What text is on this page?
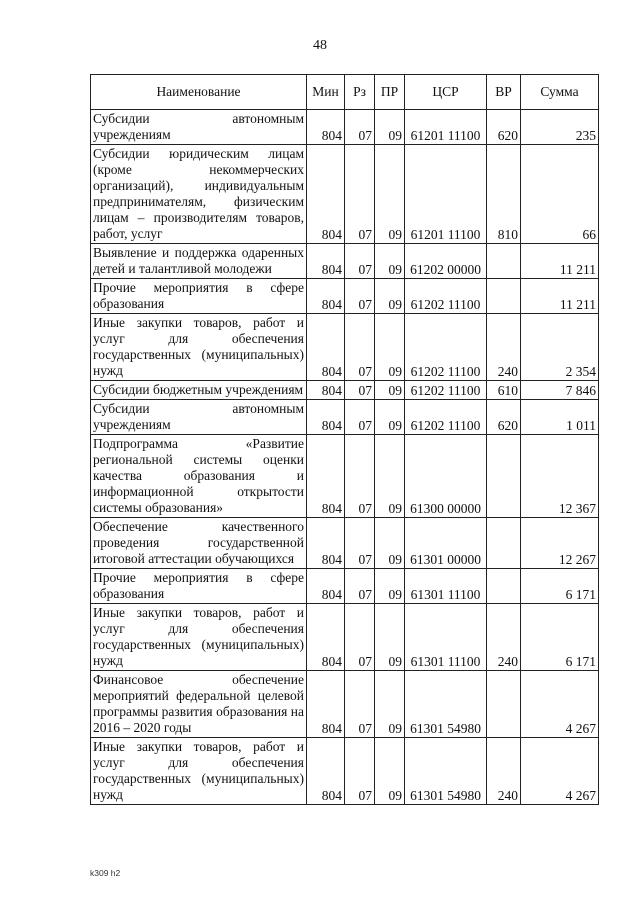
48
Наименование	Мин	Рз	ПР	ЦСР	ВР	Сумма
Субсидии автономным учреждениям	804	07	09	61201 11100	620	235
Субсидии юридическим лицам (кроме некоммерческих организаций), индивидуальным предпринимателям, физическим лицам – производителям товаров, работ, услуг	804	07	09	61201 11100	810	66
Выявление и поддержка одаренных детей и талантливой молодежи	804	07	09	61202 00000		11 211
Прочие мероприятия в сфере образования	804	07	09	61202 11100		11 211
Иные закупки товаров, работ и услуг для обеспечения государственных (муниципальных) нужд	804	07	09	61202 11100	240	2 354
Субсидии бюджетным учреждениям	804	07	09	61202 11100	610	7 846
Субсидии автономным учреждениям	804	07	09	61202 11100	620	1 011
Подпрограмма «Развитие региональной системы оценки качества образования и информационной открытости системы образования»	804	07	09	61300 00000		12 367
Обеспечение качественного проведения государственной итоговой аттестации обучающихся	804	07	09	61301 00000		12 267
Прочие мероприятия в сфере образования	804	07	09	61301 11100		6 171
Иные закупки товаров, работ и услуг для обеспечения государственных (муниципальных) нужд	804	07	09	61301 11100	240	6 171
Финансовое обеспечение мероприятий федеральной целевой программы развития образования на 2016 – 2020 годы	804	07	09	61301 54980		4 267
Иные закупки товаров, работ и услуг для обеспечения государственных (муниципальных) нужд	804	07	09	61301 54980	240	4 267
k309 h2
